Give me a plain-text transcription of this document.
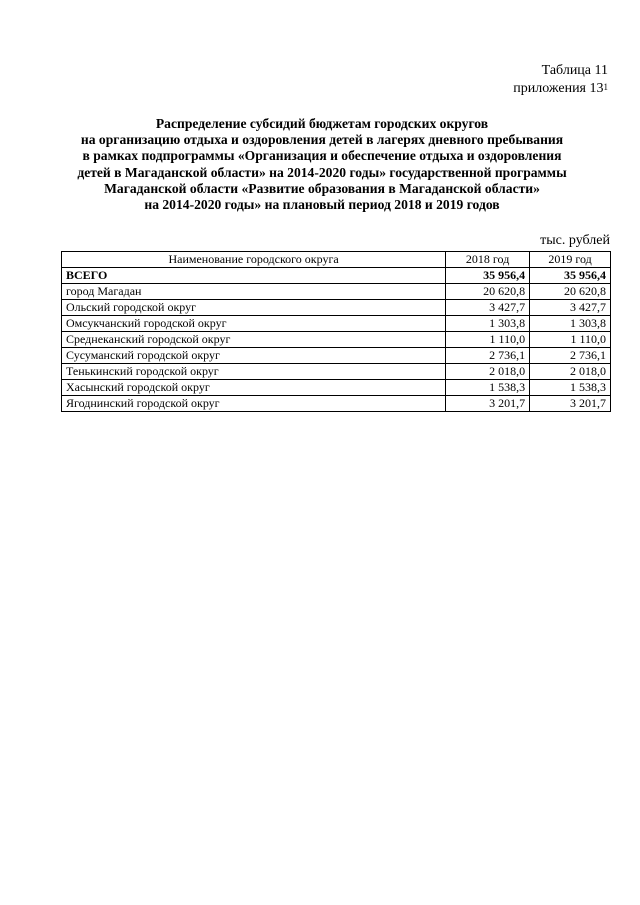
Таблица 11
приложения $13^1$
Распределение субсидий бюджетам городских округов
на организацию отдыха и оздоровления детей в лагерях дневного пребывания
в рамках подпрограммы «Организация и обеспечение отдыха и оздоровления
детей в Магаданской области» на 2014-2020 годы» государственной программы
Магаданской области «Развитие образования в Магаданской области»
на 2014-2020 годы» на плановый период 2018 и 2019 годов
тыс. рублей
Наименование городского округа	2018 год	2019 год
ВСЕГО	35 956,4	35 956,4
город Магадан	20 620,8	20 620,8
Ольский городской округ	3 427,7	3 427,7
Омсукчанский городской округ	1 303,8	1 303,8
Среднеканский городской округ	1 110,0	1 110,0
Сусуманский городской округ	2 736,1	2 736,1
Тенькинский городской округ	2 018,0	2 018,0
Хасынский городской округ	1 538,3	1 538,3
Ягоднинский городской округ	3 201,7	3 201,7
